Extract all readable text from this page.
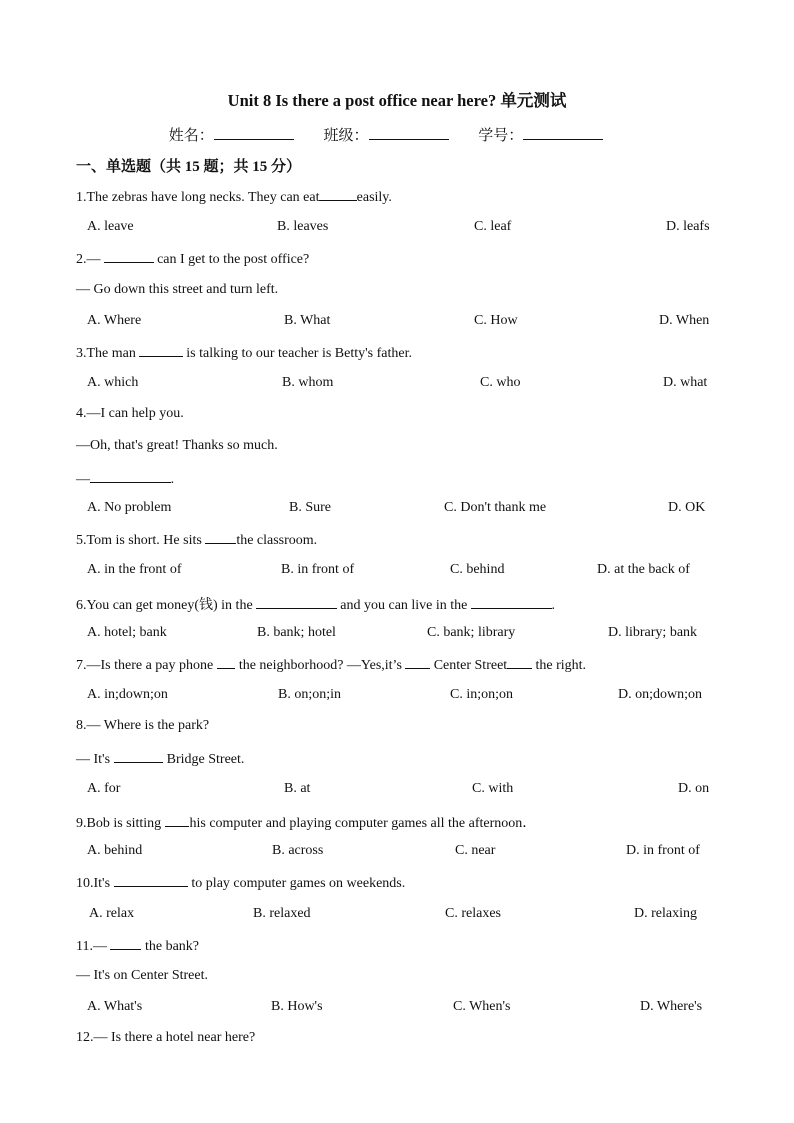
Unit 8 Is there a post office near here? 单元测试
姓名：	班级：	学号：
一、单选题（共 15 题；共 15 分）
1.The zebras have long necks. They can eat	easily.
A. leave	B. leaves	C. leaf	D. leafs
2.—	can I get to the post office?
— Go down this street and turn left.
A. Where	B. What	C. How	D. When
3.The man	is talking to our teacher is Betty's father.
A. which	B. whom	C. who	D. what
4.—I can help you.
—Oh, that's great! Thanks so much.
—	.
A. No problem	B. Sure	C. Don't thank me	D. OK
5.Tom is short. He sits the classroom.
A. in the front of	B. in front of	C. behind	D. at the back of
6.You can get money(钱) in the	and you can live in the	.
A. hotel; bank	B. bank; hotel	C. bank; library	D. library; bank
7.—Is there a pay phone  the neighborhood? —Yes,it’s  Center Street the right.
A. in;down;on	B. on;on;in	C. in;on;on	D. on;down;on
8.— Where is the park?
— It's	Bridge Street.
A. for	B. at	C. with	D. on
9.Bob is sitting his computer and playing computer games all the afternoon．
A. behind	B. across	C. near	D. in front of
10.It's	to play computer games on weekends.
A. relax	B. relaxed	C. relaxes	D. relaxing
11.—  the bank?
— It's on Center Street.
A. What's	B. How's	C. When's	D. Where's
12.— Is there a hotel near here?
